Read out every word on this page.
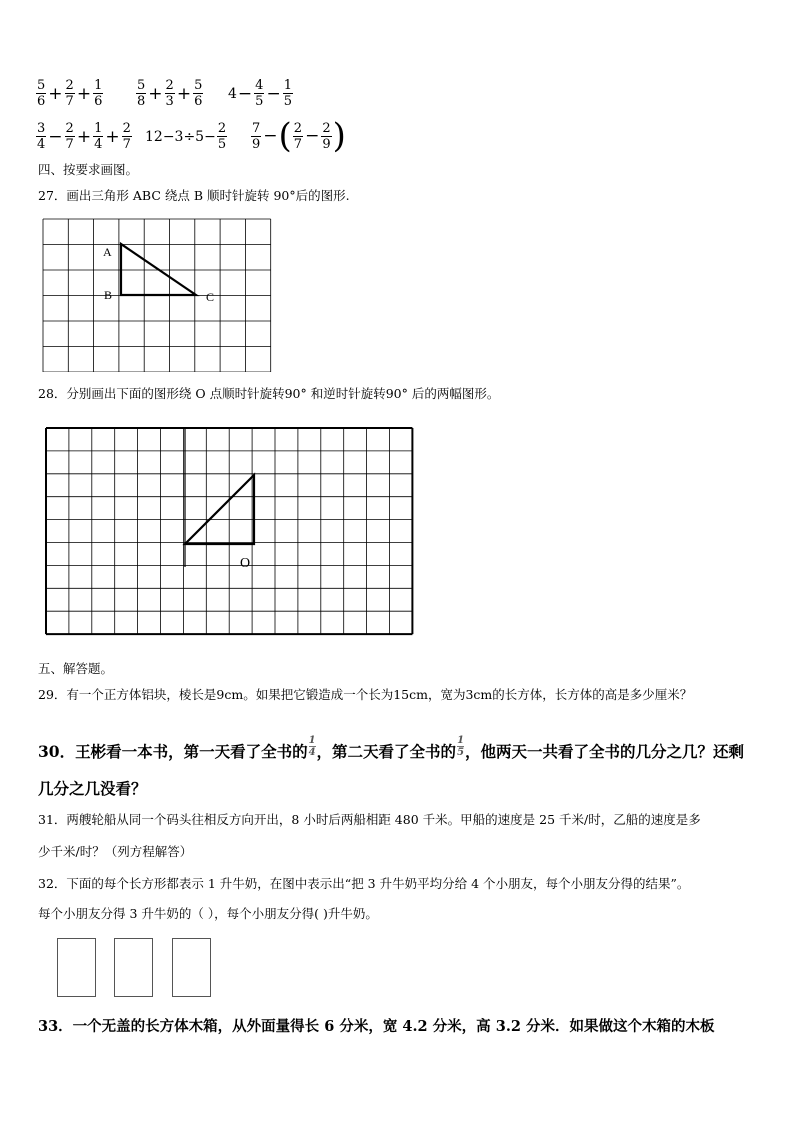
$\frac{5}{6} + \frac{2}{7} + \frac{1}{6}$	$\frac{5}{8} + \frac{2}{3} + \frac{5}{6} 4 - \frac{4}{5} - \frac{1}{5}$
$\frac{3}{4} - \frac{2}{7} + \frac{1}{4} + \frac{2}{7} 12-3\div 5- \frac{2}{5} \frac{7}{9}$ − ( $\frac{2}{7} - \frac{2}{9}$ )
四、按要求画图。
27．画出三角形 ABC 绕点 B 顺时针旋转 90°后的图形.
A
B	C
28．分别画出下面的图形绕 O 点顺时针旋转90° 和逆时针旋转90° 后的两幅图形。
O
五、解答题。
29．有一个正方体铝块，棱长是9cm。如果把它锻造成一个长为15cm，宽为3cm的长方体，长方体的高是多少厘米？
30．王彬看一本书，第一天看了全书的 $\frac{1}{4}$ ，第二天看了全书的 $\frac{1}{5}$ ，他两天一共看了全书的几分之几？还剩
几分之几没看？
31．两艘轮船从同一个码头往相反方向开出，8 小时后两船相距 480 千米。甲船的速度是 25 千米/时，乙船的速度是多
少千米/时？（列方程解答）
32．下面的每个长方形都表示 1 升牛奶，在图中表示出“把 3 升牛奶平均分给 4 个小朋友，每个小朋友分得的结果”。
每个小朋友分得 3 升牛奶的（ ），每个小朋友分得( )升牛奶。
33．一个无盖的长方体木箱，从外面量得长 6 分米，宽 4.2 分米，高 3.2 分米．如果做这个木箱的木板
